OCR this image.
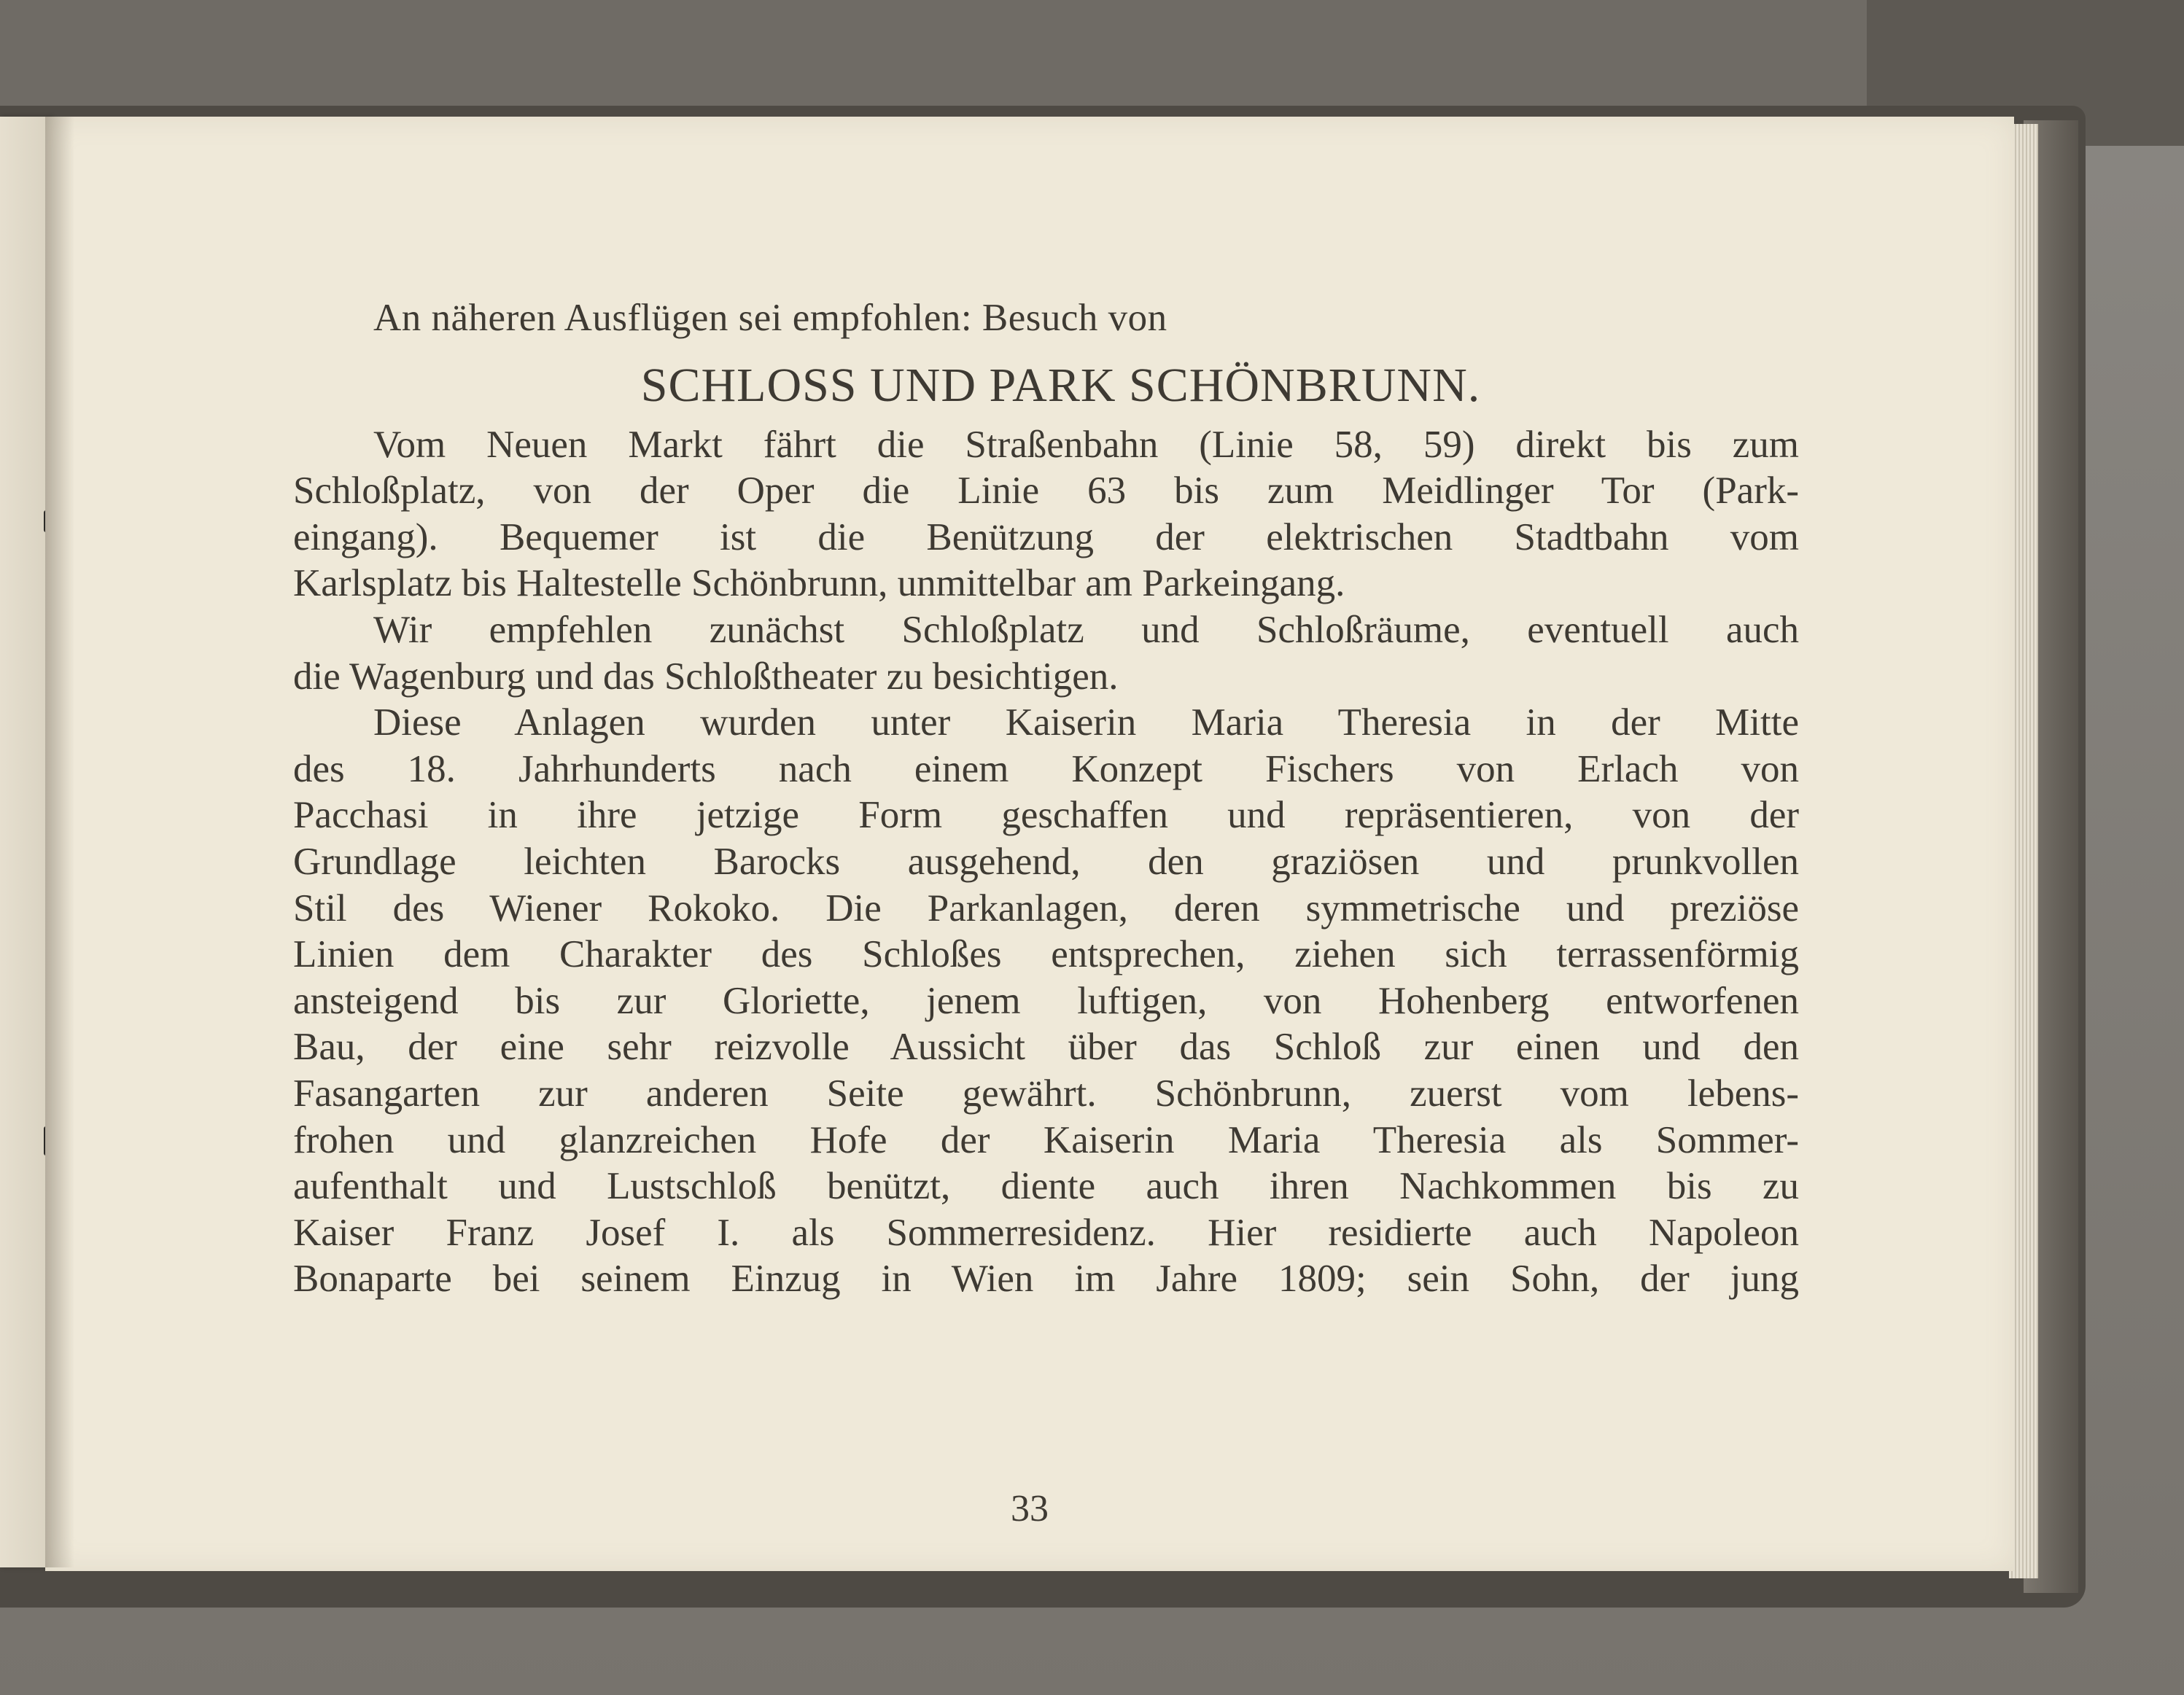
An näheren Ausflügen sei empfohlen: Besuch von
SCHLOSS UND PARK SCHÖNBRUNN.
Vom Neuen Markt fährt die Straßenbahn (Linie 58, 59) direkt bis zum
Schloßplatz, von der Oper die Linie 63 bis zum Meidlinger Tor (Park-
eingang). Bequemer ist die Benützung der elektrischen Stadtbahn vom
Karlsplatz bis Haltestelle Schönbrunn, unmittelbar am Parkeingang.
Wir empfehlen zunächst Schloßplatz und Schloßräume, eventuell auch
die Wagenburg und das Schloßtheater zu besichtigen.
Diese Anlagen wurden unter Kaiserin Maria Theresia in der Mitte
des 18. Jahrhunderts nach einem Konzept Fischers von Erlach von
Pacchasi in ihre jetzige Form geschaffen und repräsentieren, von der
Grundlage leichten Barocks ausgehend, den graziösen und prunkvollen
Stil des Wiener Rokoko. Die Parkanlagen, deren symmetrische und preziöse
Linien dem Charakter des Schloßes entsprechen, ziehen sich terrassenförmig
ansteigend bis zur Gloriette, jenem luftigen, von Hohenberg entworfenen
Bau, der eine sehr reizvolle Aussicht über das Schloß zur einen und den
Fasangarten zur anderen Seite gewährt. Schönbrunn, zuerst vom lebens-
frohen und glanzreichen Hofe der Kaiserin Maria Theresia als Sommer-
aufenthalt und Lustschloß benützt, diente auch ihren Nachkommen bis zu
Kaiser Franz Josef I. als Sommerresidenz. Hier residierte auch Napoleon
Bonaparte bei seinem Einzug in Wien im Jahre 1809; sein Sohn, der jung
33
